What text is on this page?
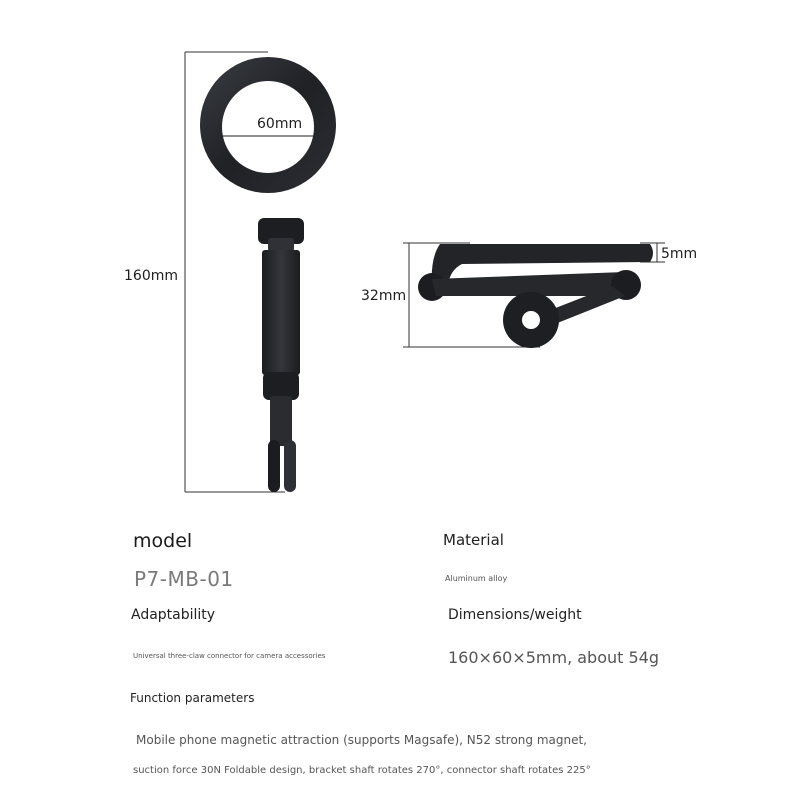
60mm
160mm
32mm
5mm
model
P7-MB-01
Material
Aluminum alloy
Adaptability
Universal three-claw connector for camera accessories
Dimensions/weight
160×60×5mm, about 54g
Function parameters
Mobile phone magnetic attraction (supports Magsafe), N52 strong magnet,
suction force 30N Foldable design, bracket shaft rotates 270°, connector shaft rotates 225°
